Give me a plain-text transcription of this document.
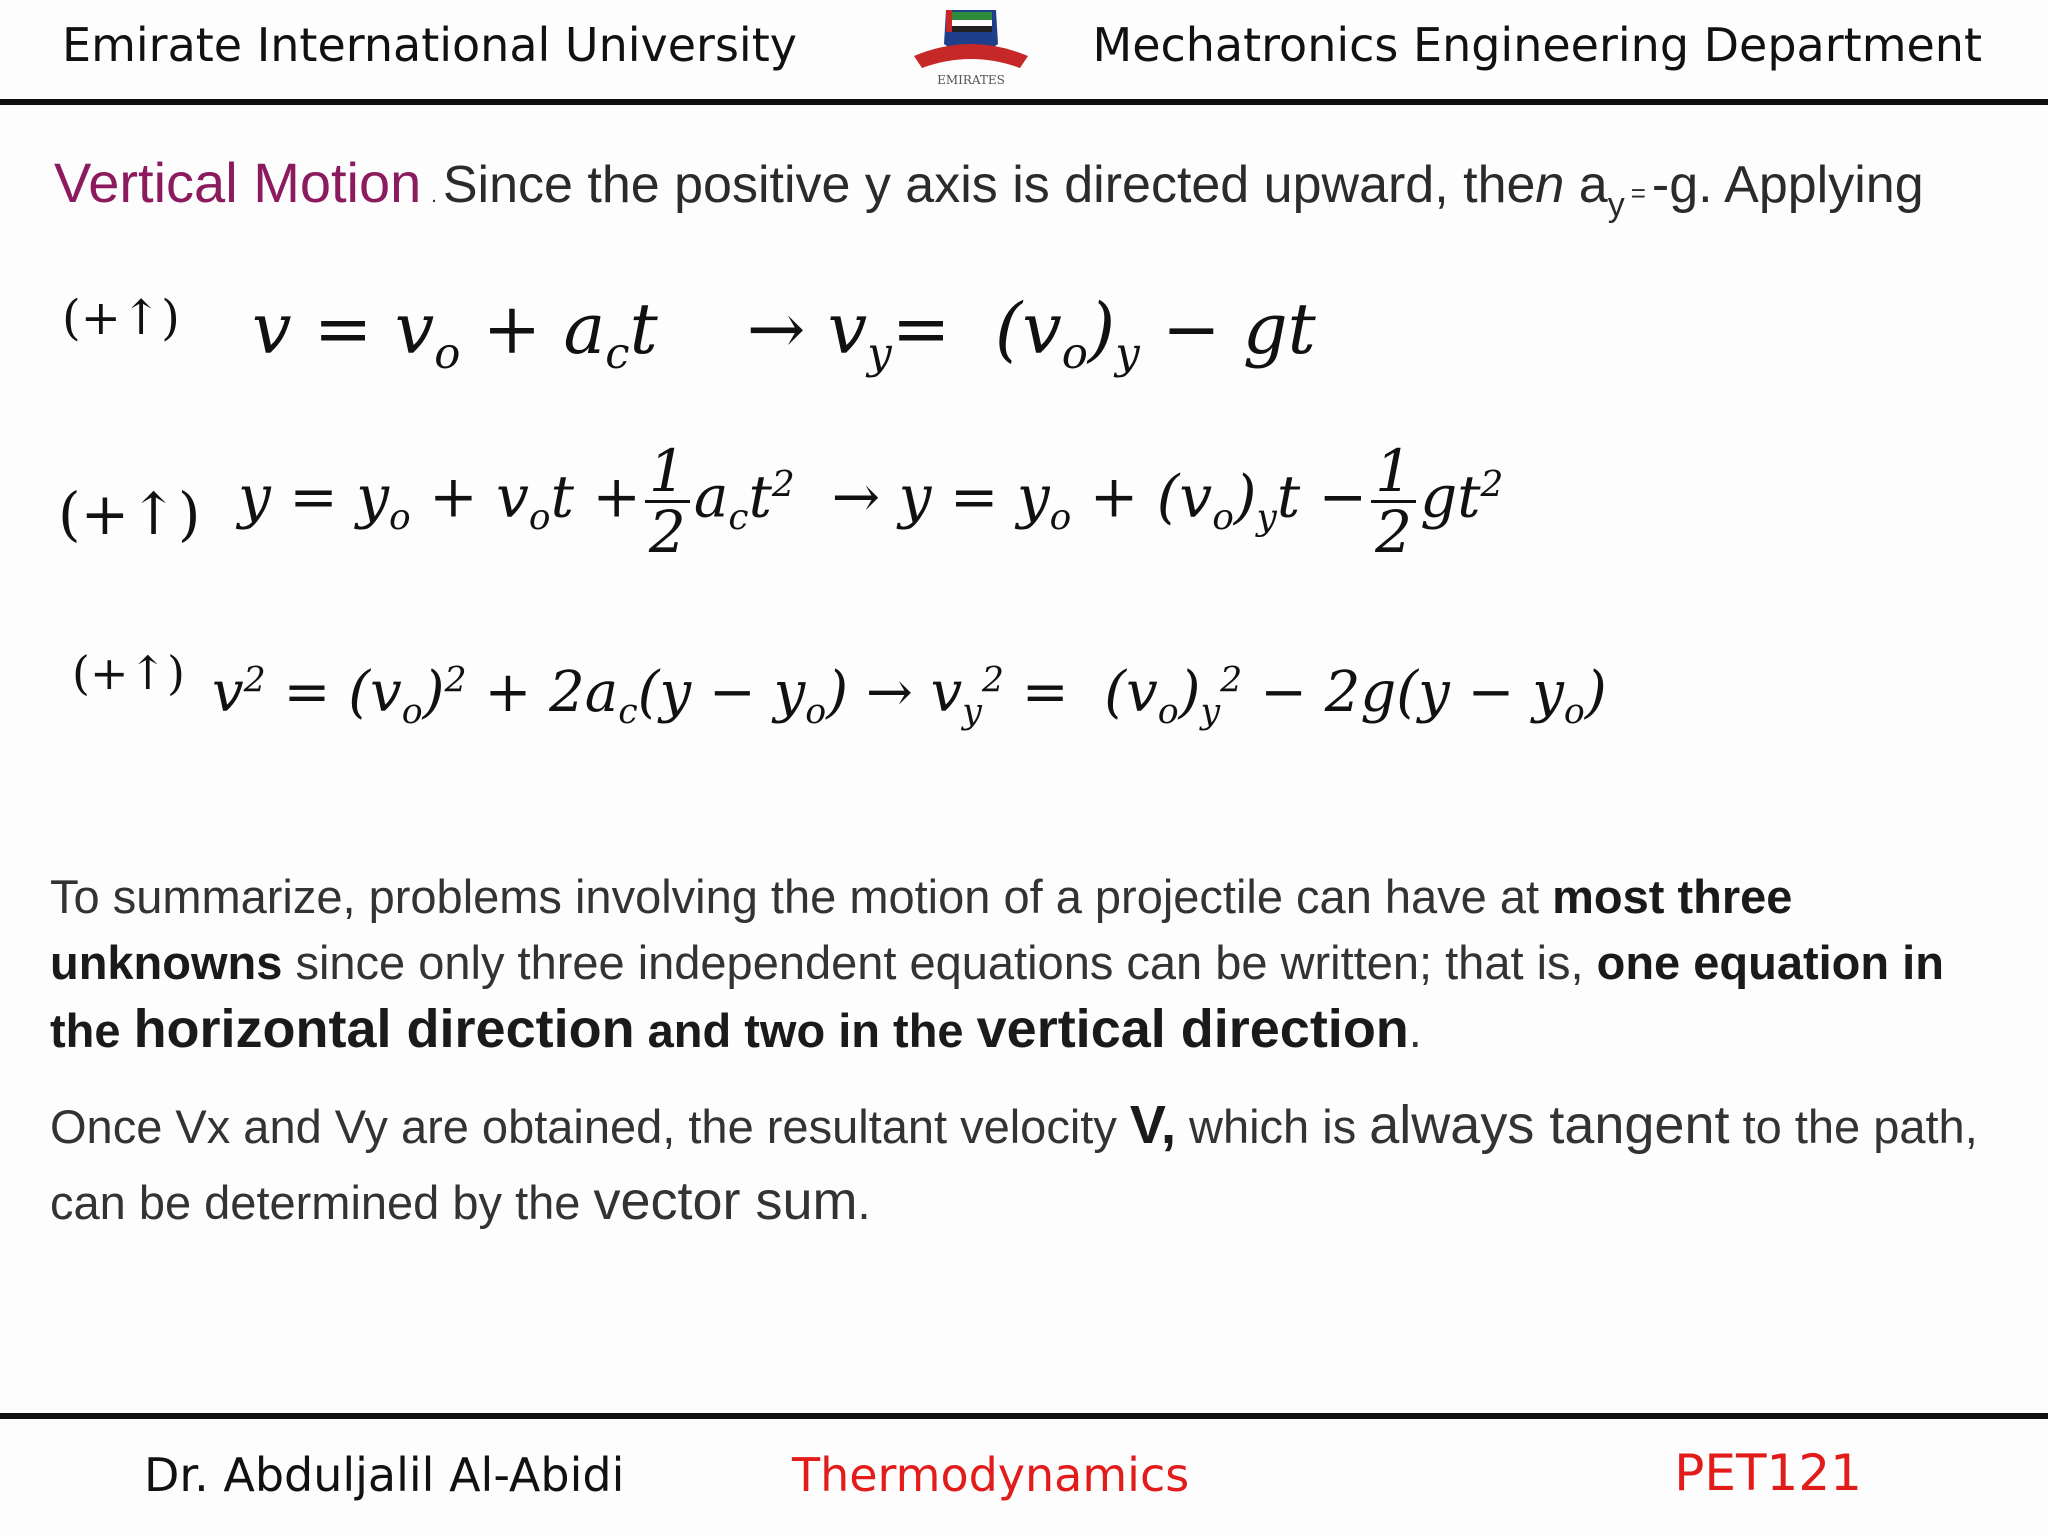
Emirate International University
EMIRATES
Mechatronics Engineering Department
Vertical Motion . Since the positive y axis is directed upward, then $a_y = -g$. Applying
(+↑) $v = v_o + a_ct \to v_y= (v_o)_y$ − gt
(+↑) $y = y_o + v_ot + \frac{1}{2} a_ct^2 \to y = y_o + (v_o)_yt - \frac{1}{2} gt^2$
(+↑) $v^2 = (v_o)^2 + 2a_c(y - y_o) \to v_y^2 = (v_o)_y^2 - 2g(y - y_o)$
To summarize, problems involving the motion of a projectile can have at most three unknowns since only three independent equations can be written; that is, one equation in the horizontal direction and two in the vertical direction.
Once Vx and Vy are obtained, the resultant velocity V, which is always tangent to the path, can be determined by the vector sum.
Dr. Abduljalil Al-Abidi	Thermodynamics	PET121
